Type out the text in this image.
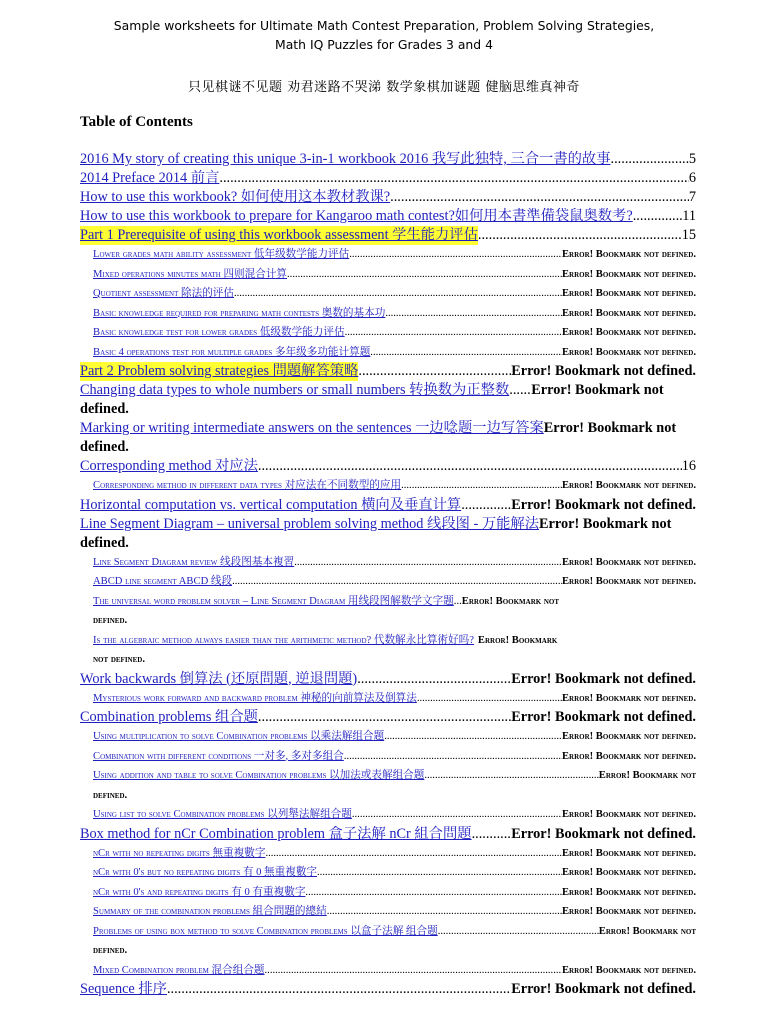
Sample worksheets for Ultimate Math Contest Preparation, Problem Solving Strategies,
Math IQ Puzzles for Grades 3 and 4
只见棋谜不见题 劝君迷路不哭涕 数学象棋加谜题 健脑思维真神奇
Table of Contents
2016 My story of creating this unique 3-in-1 workbook 2016 我写此独特, 三合一書的故事 .....	5
2014 Preface 2014 前言 .....	6
How to use this workbook? 如何使用这本教材教课? .....	7
How to use this workbook to prepare for Kangaroo math contest?如何用本書準備袋鼠奥数考? .....	11
Part 1 Prerequisite of using this workbook assessment 学生能力评估 .....	15
Lower grades math ability assessment 低年级数学能力评估 .....	Error! Bookmark not defined.
Mixed operations minutes math 四则混合计算 .....	Error! Bookmark not defined.
Quotient assessment 除法的评估 .....	Error! Bookmark not defined.
Basic knowledge required for preparing math contests 奥数的基本功 .....	Error! Bookmark not defined.
Basic knowledge test for lower grades 低级数学能力评估 .....	Error! Bookmark not defined.
Basic 4 operations test for multiple grades 多年级多功能计算题 .....	Error! Bookmark not defined.
Part 2 Problem solving strategies 問題解答策略 .....	Error! Bookmark not defined.
Changing data types to whole numbers or small numbers 转换数为正整数 ..... Error! Bookmark not
defined.
Marking or writing intermediate answers on the sentences 一边唸题一边写答案 Error! Bookmark not
defined.
Corresponding method 对应法 .....	16
Corresponding method in different data types 对应法在不同数型的应用 .....	Error! Bookmark not defined.
Horizontal computation vs. vertical computation 横向及垂直计算 .....	Error! Bookmark not defined.
Line Segment Diagram – universal problem solving method 线段图 - 万能解法 Error! Bookmark not
defined.
Line Segment Diagram review 线段图基本複習 .....	Error! Bookmark not defined.
ABCD line segment ABCD 线段 .....	Error! Bookmark not defined.
The universal word problem solver – Line Segment Diagram 用线段图解数学文字题 ..... Error! Bookmark not
defined.
Is the algebraic method always easier than the arithmetic method? 代数解永比算術好吗? Error! Bookmark
not defined.
Work backwards 倒算法 (还原問題, 逆退問題) .....	Error! Bookmark not defined.
Mysterious work forward and backward problem 神秘的向前算法及倒算法 .....	Error! Bookmark not defined.
Combination problems 组合题 .....	Error! Bookmark not defined.
Using multiplication to solve Combination problems 以乘法解组合题 .....	Error! Bookmark not defined.
Combination with different conditions 一对多, 多对多组合 .....	Error! Bookmark not defined.
Using addition and table to solve Combination problems 以加法或表解组合题 .....	Error! Bookmark not
defined.
Using list to solve Combination problems 以列舉法解组合题 .....	Error! Bookmark not defined.
Box method for nCr Combination problem 盒子法解 nCr 組合問題 .....	Error! Bookmark not defined.
nCr with no repeating digits 無重複數字 .....	Error! Bookmark not defined.
nCr with 0's but no repeating digits 有 0 無重複數字 .....	Error! Bookmark not defined.
nCr with 0's and repeating digits 有 0 有重複數字 .....	Error! Bookmark not defined.
Summary of the combination problems 組合問題的總結 .....	Error! Bookmark not defined.
Problems of using box method to solve Combination problems 以盒子法解 组合题 .....	Error! Bookmark not
defined.
Mixed Combination problem 混合组合题 .....	Error! Bookmark not defined.
Sequence 排序 .....	Error! Bookmark not defined.
